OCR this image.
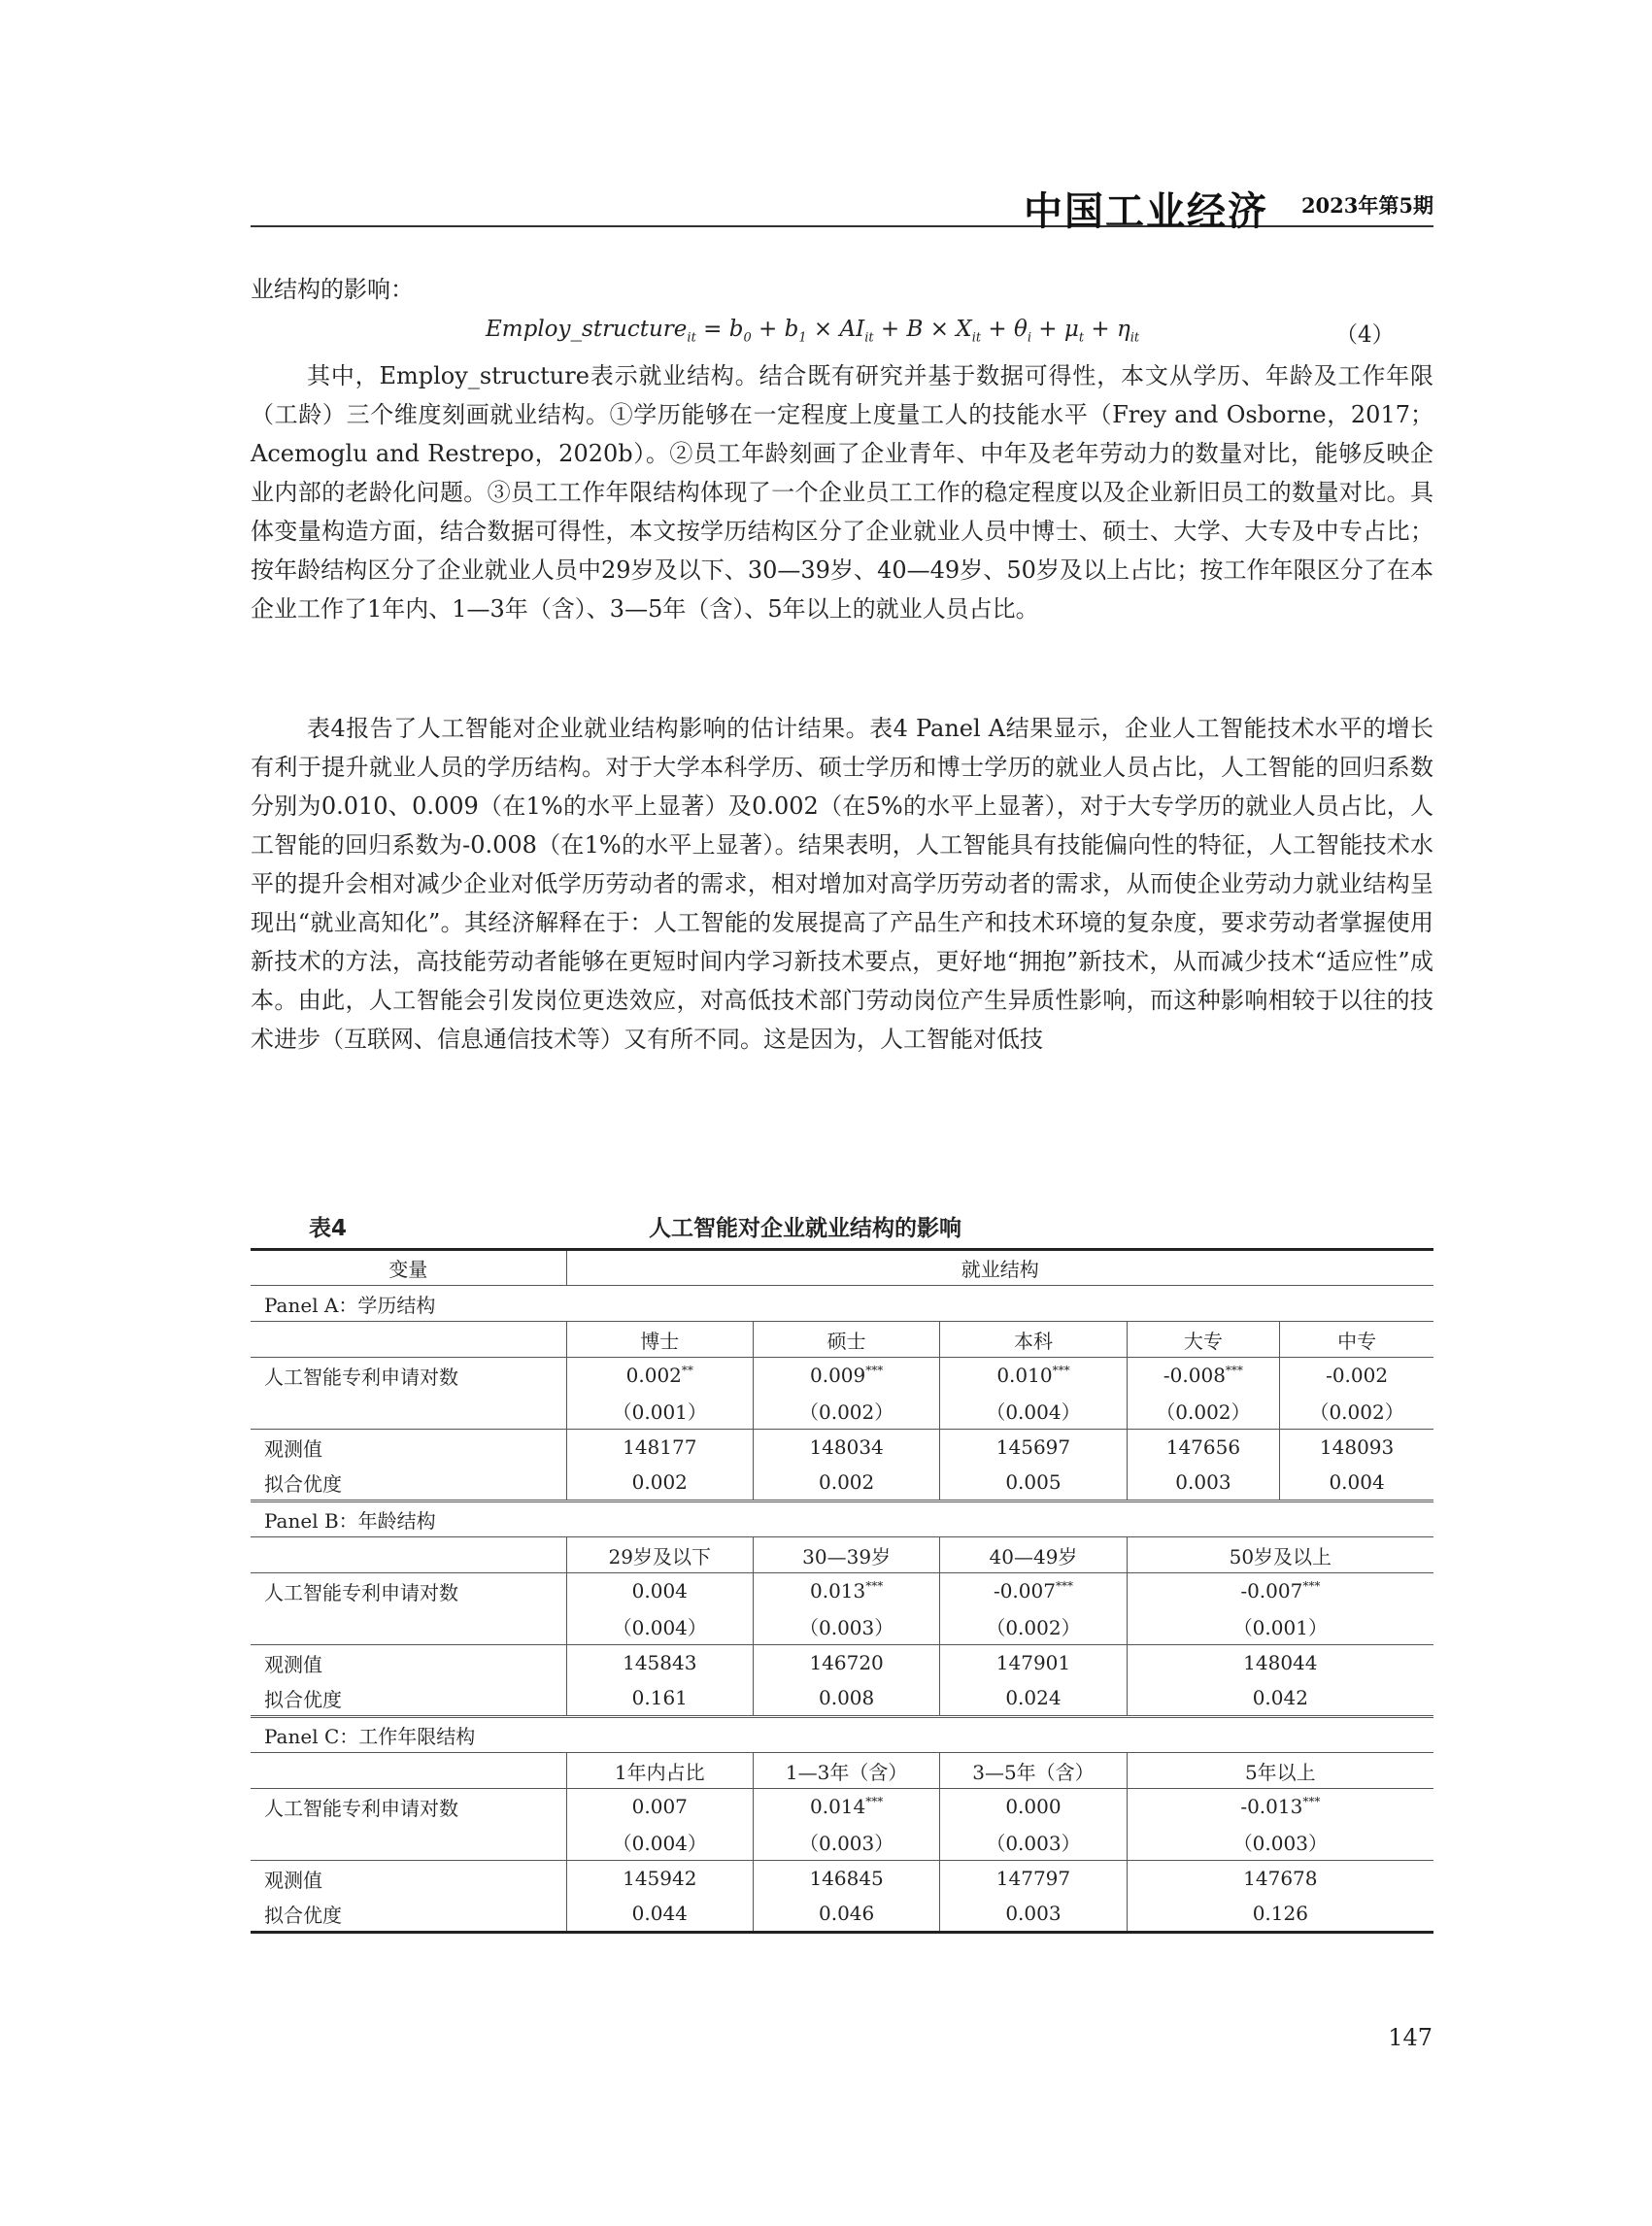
中国工业经济 2023年第5期
业结构的影响：
Employ_structure$_{it}$ = $b_0 + b_1 \times AI_{it} + B \times X_{it} + \theta_i + \mu_t + \eta_{it}$	（4）
其中，Employ_structure表示就业结构。结合既有研究并基于数据可得性，本文从学历、年龄及工作年限（工龄）三个维度刻画就业结构。①学历能够在一定程度上度量工人的技能水平（Frey and Osborne，2017；Acemoglu and Restrepo，2020b）。②员工年龄刻画了企业青年、中年及老年劳动力的数量对比，能够反映企业内部的老龄化问题。③员工工作年限结构体现了一个企业员工工作的稳定程度以及企业新旧员工的数量对比。具体变量构造方面，结合数据可得性，本文按学历结构区分了企业就业人员中博士、硕士、大学、大专及中专占比；按年龄结构区分了企业就业人员中29岁及以下、30—39岁、40—49岁、50岁及以上占比；按工作年限区分了在本企业工作了1年内、1—3年（含）、3—5年（含）、5年以上的就业人员占比。
表4报告了人工智能对企业就业结构影响的估计结果。表4 Panel A结果显示，企业人工智能技术水平的增长有利于提升就业人员的学历结构。对于大学本科学历、硕士学历和博士学历的就业人员占比，人工智能的回归系数分别为0.010、0.009（在1%的水平上显著）及0.002（在5%的水平上显著），对于大专学历的就业人员占比，人工智能的回归系数为-0.008（在1%的水平上显著）。结果表明，人工智能具有技能偏向性的特征，人工智能技术水平的提升会相对减少企业对低学历劳动者的需求，相对增加对高学历劳动者的需求，从而使企业劳动力就业结构呈现出“就业高知化”。其经济解释在于：人工智能的发展提高了产品生产和技术环境的复杂度，要求劳动者掌握使用新技术的方法，高技能劳动者能够在更短时间内学习新技术要点，更好地“拥抱”新技术，从而减少技术“适应性”成本。由此，人工智能会引发岗位更迭效应，对高低技术部门劳动岗位产生异质性影响，而这种影响相较于以往的技术进步（互联网、信息通信技术等）又有所不同。这是因为，人工智能对低技
表4	人工智能对企业就业结构的影响
变量	就业结构				
Panel A：学历结构					
	博士	硕士	本科	大专	中专
人工智能专利申请对数	0.002**	0.009***	0.010***	-0.008***	-0.002
	（0.001）	（0.002）	（0.004）	（0.002）	（0.002）
观测值	148177	148034	145697	147656	148093
拟合优度	0.002	0.002	0.005	0.003	0.004
Panel B：年龄结构					
	29岁及以下	30—39岁	40—49岁	50岁及以上	
人工智能专利申请对数	0.004	0.013***	-0.007***	-0.007***
	（0.004）	（0.003）	（0.002）	（0.001）	
观测值	145843	146720	147901	148044	
拟合优度	0.161	0.008	0.024	0.042	
Panel C：工作年限结构					
	1年内占比	1—3年（含）	3—5年（含）	5年以上	
人工智能专利申请对数	0.007	0.014***	0.000	-0.013***
	（0.004）	（0.003）	（0.003）	（0.003）	
观测值	145942	146845	147797	147678	
拟合优度	0.044	0.046	0.003	0.126	
147
